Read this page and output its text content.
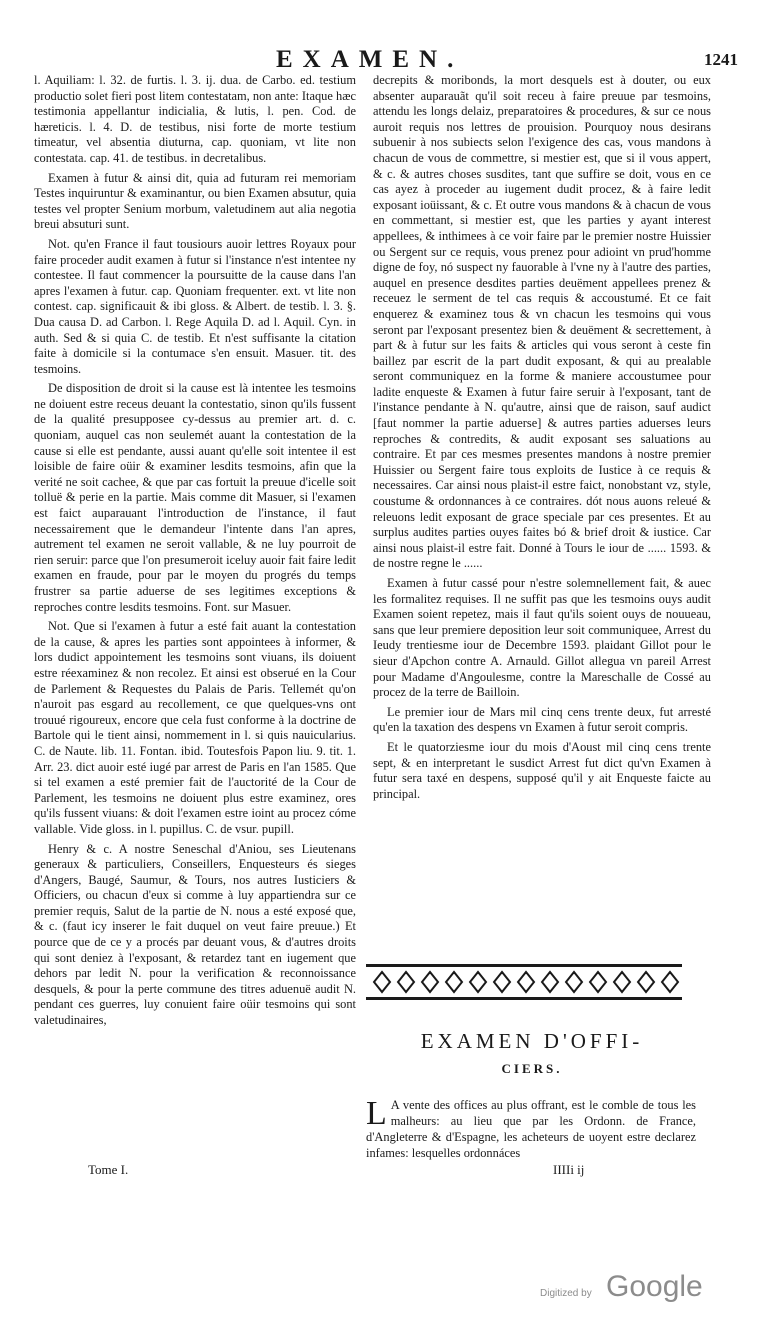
EXAMEN.	1241

l. Aquiliam: l. 32. de furtis. l. 3. ij. dua. de Carbo. ed. testium productio solet fieri post litem contestatam, non ante: Itaque hæc testimonia appellantur indicialia, & lutis, l. pen. Cod. de hæreticis. l. 4. D. de testibus, nisi forte de morte testium timeatur, vel absentia diuturna, cap. quoniam, vt lite non contestata. cap. 41. de testibus. in decretalibus.

Examen à futur & ainsi dit, quia ad futuram rei memoriam Testes inquiruntur & examinantur, ou bien Examen absutur, quia testes vel propter Senium morbum, valetudinem aut alia negotia breui absuturi sunt.

Not. qu'en France il faut tousiours auoir lettres Royaux pour faire proceder audit examen à futur si l'instance n'est intentee ny contestee. Il faut commencer la poursuitte de la cause dans l'an apres l'examen à futur. cap. Quoniam frequenter. ext. vt lite non contest. cap. significauit & ibi gloss. & Albert. de testib. l. 3. §. Dua causa D. ad Carbon. l. Rege Aquila D. ad l. Aquil. Cyn. in auth. Sed & si quia C. de testib. Et n'est suffisante la citation faite à domicile si la contumace s'en ensuit. Masuer. tit. des tesmoins.

De disposition de droit si la cause est là intentee les tesmoins ne doiuent estre receus deuant la contestatio, sinon qu'ils fussent de la qualité presupposee cy-dessus au premier art. d. c. quoniam, auquel cas non seulemét auant la contestation de la cause si elle est pendante, aussi auant qu'elle soit intentee il est loisible de faire oüir & examiner lesdits tesmoins, afin que la verité ne soit cachee, & que par cas fortuit la preuue d'icelle soit tolluë & perie en la partie. Mais comme dit Masuer, si l'examen est faict auparauant l'introduction de l'instance, il faut necessairement que le demandeur l'intente dans l'an apres, autrement tel examen ne seroit vallable, & ne luy pourroit de rien seruir: parce que l'on presumeroit iceluy auoir fait faire ledit examen en fraude, pour par le moyen du progrés du temps frustrer sa partie aduerse de ses legitimes exceptions & reproches contre lesdits tesmoins. Font. sur Masuer.

Not. Que si l'examen à futur a esté fait auant la contestation de la cause, & apres les parties sont appointees à informer, & lors dudict appointement les tesmoins sont viuans, ils doiuent estre réexaminez & non recolez. Et ainsi est obserué en la Cour de Parlement & Requestes du Palais de Paris. Tellemét qu'on n'auroit pas esgard au recollement, ce que quelques-vns ont trouué rigoureux, encore que cela fust conforme à la doctrine de Bartole qui le tient ainsi, nommement in l. si quis nauicularius. C. de Naute. lib. 11. Fontan. ibid. Toutesfois Papon liu. 9. tit. 1. Arr. 23. dict auoir esté iugé par arrest de Paris en l'an 1585. Que si tel examen a esté premier fait de l'auctorité de la Cour de Parlement, les tesmoins ne doiuent plus estre examinez, ores qu'ils fussent viuans: & doit l'examen estre ioint au procez cóme vallable. Vide gloss. in l. pupillus. C. de vsur. pupill.

Henry & c. A nostre Seneschal d'Aniou, ses Lieutenans generaux & particuliers, Conseillers, Enquesteurs és sieges d'Angers, Baugé, Saumur, & Tours, nos autres Iusticiers & Officiers, ou chacun d'eux si comme à luy appartiendra sur ce premier requis, Salut de la partie de N. nous a esté exposé que, & c. (faut icy inserer le fait duquel on veut faire preuue.) Et pource que de ce y a procés par deuant vous, & d'autres droits qui sont deniez à l'exposant, & retardez tant en iugement que dehors par ledit N. pour la verification & reconnoissance desquels, & pour la perte commune des titres aduenuë audit N. pendant ces guerres, luy conuient faire oüir tesmoins qui sont valetudinaires,

decrepits & moribonds, la mort desquels est à douter, ou eux absenter auparauãt qu'il soit receu à faire preuue par tesmoins, attendu les longs delaiz, preparatoires & procedures, & sur ce nous auroit requis nos lettres de prouision. Pourquoy nous desirans subuenir à nos subiects selon l'exigence des cas, vous mandons à chacun de vous de commettre, si mestier est, que si il vous appert, & c. & autres choses susdites, tant que suffire se doit, vous en ce cas ayez à proceder au iugement dudit procez, & à faire ledit exposant ioüissant, & c. Et outre vous mandons & à chacun de vous en commettant, si mestier est, que les parties y ayant interest appellees, & inthimees à ce voir faire par le premier nostre Huissier ou Sergent sur ce requis, vous prenez pour adioint vn prud'homme digne de foy, nó suspect ny fauorable à l'vne ny à l'autre des parties, auquel en presence desdites parties deuëment appellees prenez & receuez le serment de tel cas requis & accoustumé. Et ce fait enquerez & examinez tous & vn chacun les tesmoins qui vous seront par l'exposant presentez bien & deuëment & secrettement, à part & à futur sur les faits & articles qui vous seront à ceste fin baillez par escrit de la part dudit exposant, & qui au prealable seront communiquez en la forme & maniere accoustumee pour ladite enqueste & Examen à futur faire seruir à l'exposant, tant de l'instance pendante à N. qu'autre, ainsi que de raison, sauf audict [faut nommer la partie aduerse] & autres parties aduerses leurs reproches & contredits, & audit exposant ses saluations au contraire. Et par ces mesmes presentes mandons à nostre premier Huissier ou Sergent faire tous exploits de Iustice à ce requis & necessaires. Car ainsi nous plaist-il estre faict, nonobstant vz, style, coustume & ordonnances à ce contraires. dót nous auons releué & releuons ledit exposant de grace speciale par ces presentes. Et au surplus audites parties ouyes faites bó & brief droit & iustice. Car ainsi nous plaist-il estre fait. Donné à Tours le iour de ...... 1593. & de nostre regne le ......

Examen à futur cassé pour n'estre solemnellement fait, & auec les formalitez requises. Il ne suffit pas que les tesmoins ouys audit Examen soient repetez, mais il faut qu'ils soient ouys de nouueau, sans que leur premiere deposition leur soit communiquee, Arrest du Ieudy trentiesme iour de Decembre 1593. plaidant Gillot pour le sieur d'Apchon contre A. Arnauld. Gillot allegua vn pareil Arrest pour Madame d'Angoulesme, contre la Mareschalle de Cossé au procez de la terre de Bailloin.

Le premier iour de Mars mil cinq cens trente deux, fut arresté qu'en la taxation des despens vn Examen à futur seroit compris.

Et le quatorziesme iour du mois d'Aoust mil cinq cens trente sept, & en interpretant le susdict Arrest fut dict qu'vn Examen à futur sera taxé en despens, supposé qu'il y ait Enqueste faicte au principal.

EXAMEN D'OFFI-
CIERS.
L A vente des offices au plus offrant, est le comble de tous les malheurs: au lieu que par les Ordonn. de France, d'Angleterre & d'Espagne, les acheteurs de uoyent estre declarez infames: lesquelles ordonnáces
Tome I.	IIIIi ij
Digitized by Google
